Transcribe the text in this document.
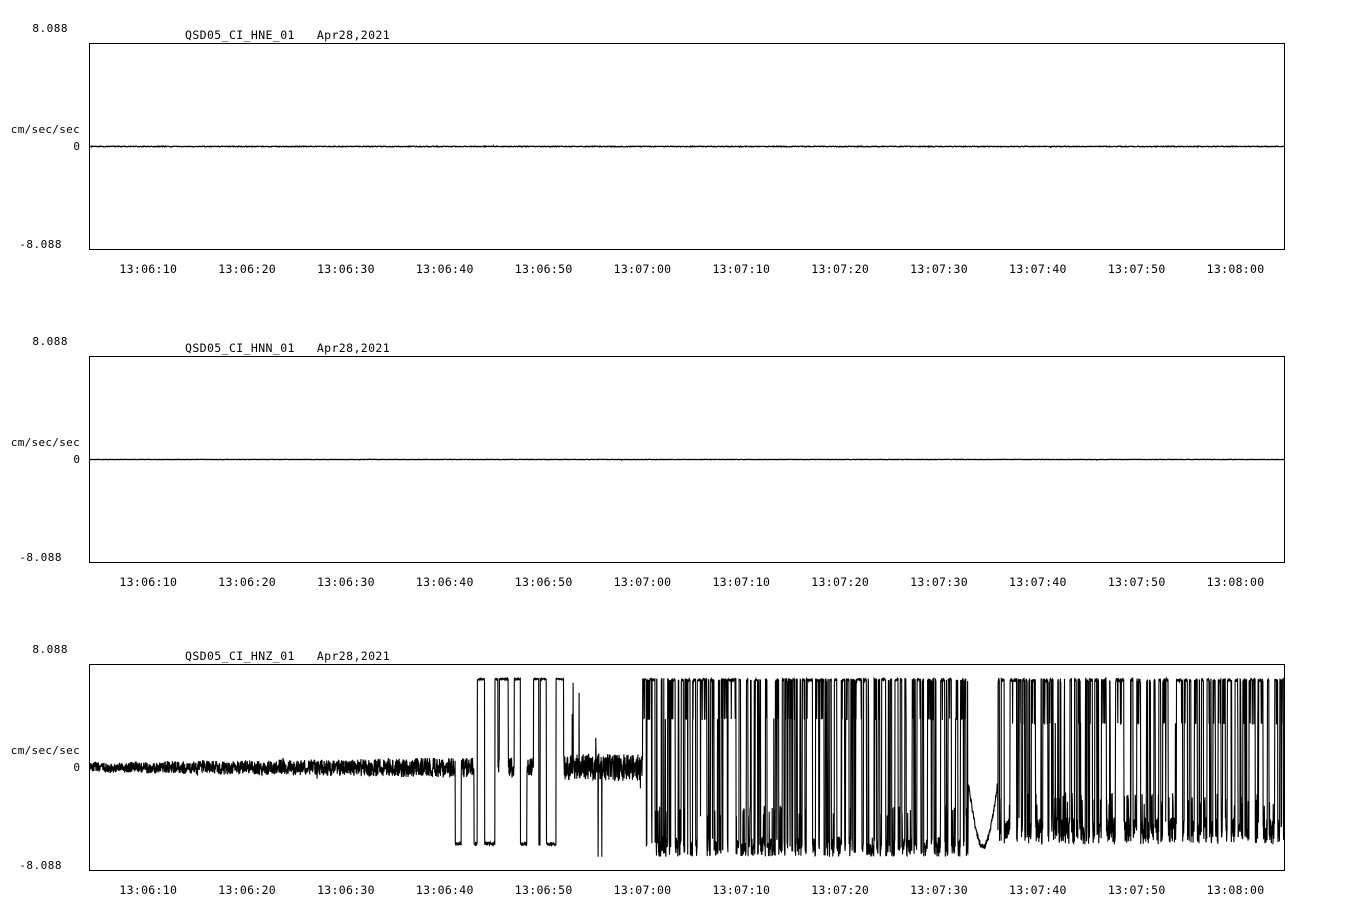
cm/sec/sec
8.088
0
-8.088
QSD05_CI_HNE_01   Apr28,2021
13:06:10	13:06:20	13:06:30	13:06:40	13:06:50	13:07:00	13:07:10	13:07:20	13:07:30	13:07:40	13:07:50	13:08:00
cm/sec/sec
8.088
0
-8.088
QSD05_CI_HNN_01   Apr28,2021
13:06:10	13:06:20	13:06:30	13:06:40	13:06:50	13:07:00	13:07:10	13:07:20	13:07:30	13:07:40	13:07:50	13:08:00
cm/sec/sec
8.088
0
-8.088
QSD05_CI_HNZ_01   Apr28,2021
13:06:10	13:06:20	13:06:30	13:06:40	13:06:50	13:07:00	13:07:10	13:07:20	13:07:30	13:07:40	13:07:50	13:08:00
